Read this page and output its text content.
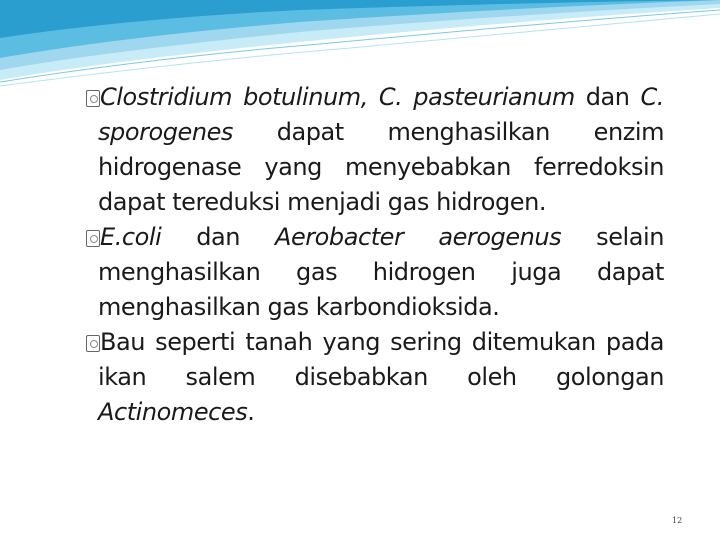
Clostridium botulinum, C. pasteurianum dan C. sporogenes dapat menghasilkan enzim hidrogenase yang menyebabkan ferredoksin dapat tereduksi menjadi gas hidrogen.
E.coli dan Aerobacter aerogenus selain menghasilkan gas hidrogen juga dapat menghasilkan gas karbondioksida.
Bau seperti tanah yang sering ditemukan pada ikan salem disebabkan oleh golongan Actinomeces.
12
